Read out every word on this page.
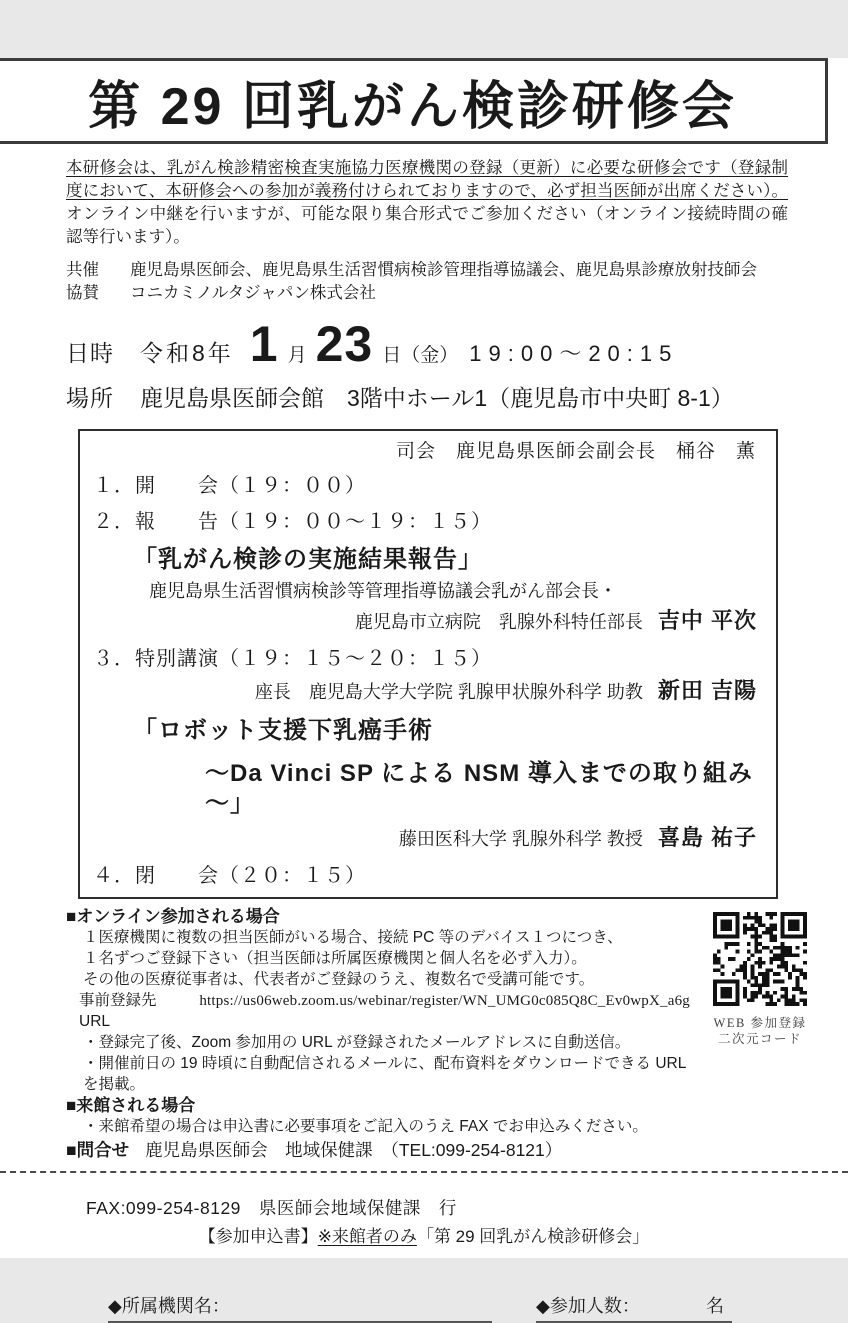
第 29 回乳がん検診研修会
本研修会は、乳がん検診精密検査実施協力医療機関の登録（更新）に必要な研修会です（登録制度において、本研修会への参加が義務付けられておりますので、必ず担当医師が出席ください）。オンライン中継を行いますが、可能な限り集合形式でご参加ください（オンライン接続時間の確認等行います）。
共催	鹿児島県医師会、鹿児島県生活習慣病検診管理指導協議会、鹿児島県診療放射技師会
協賛	コニカミノルタジャパン株式会社
日時 令和8年 1 月 23 日（金） 19:00～20:15
場所 鹿児島県医師会館　3階中ホール1（鹿児島市中央町 8-1）
司会　鹿児島県医師会副会長　桶谷　薫
１．開　　会（１９：００）
２．報　　告（１９：００～１９：１５）
「乳がん検診の実施結果報告」
鹿児島県生活習慣病検診等管理指導協議会乳がん部会長・
鹿児島市立病院　乳腺外科特任部長 吉中 平次
３．特別講演（１９：１５～２０：１５）
座長　鹿児島大学大学院 乳腺甲状腺外科学 助教 新田 吉陽
「ロボット支援下乳癌手術
～Da Vinci SP による NSM 導入までの取り組み～」
藤田医科大学 乳腺外科学 教授 喜島 祐子
４．閉　　会（２０：１５）
■オンライン参加される場合
１医療機関に複数の担当医師がいる場合、接続 PC 等のデバイス１つにつき、
１名ずつご登録下さい（担当医師は所属医療機関と個人名を必ず入力）。
その他の医療従事者は、代表者がご登録のうえ、複数名で受講可能です。
事前登録先 URL
https://us06web.zoom.us/webinar/register/WN_UMG0c085Q8C_Ev0wpX_a6g
・登録完了後、Zoom 参加用の URL が登録されたメールアドレスに自動送信。
・開催前日の 19 時頃に自動配信されるメールに、配布資料をダウンロードできる URL を掲載。
WEB 参加登録
二次元コード
■来館される場合
・来館希望の場合は申込書に必要事項をご記入のうえ FAX でお申込みください。
■問合せ 鹿児島県医師会　地域保健課　（TEL:099-254-8121）
FAX:099-254-8129　県医師会地域保健課　行
【参加申込書】※来館者のみ「第 29 回乳がん検診研修会」
◆所属機関名：	◆参加人数：	名
